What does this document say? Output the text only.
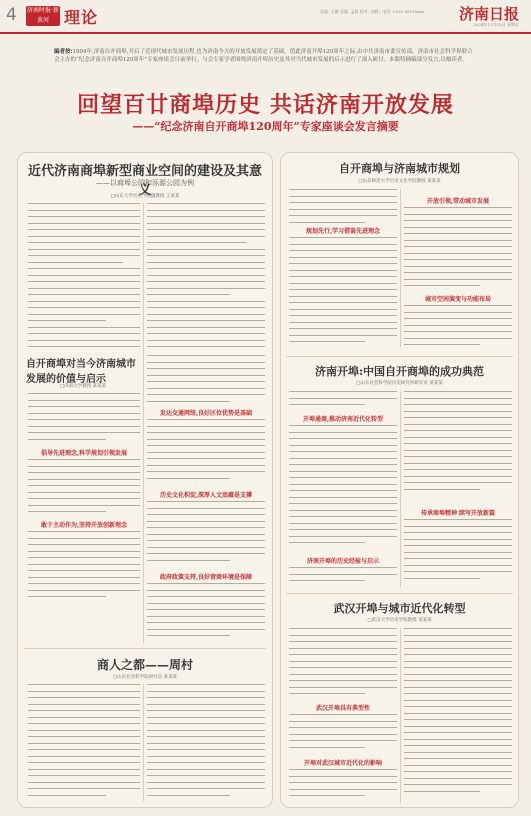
4 济南时报·新黄河 理论	责编: 王鹏 美编: 孟晨 校对: 刘静 / 电话: 0531-85193xxx	济南日报
2024年11月15日 星期五
编者按:1904年,济南自开商埠,开启了近现代城市发展历程,也为济南今天的开放发展奠定了基础。值此济南开埠120周年之际,由中共济南市委宣传部、济南市社会科学界联合会主办的“纪念济南自开商埠120周年”专家座谈会日前举行。与会专家学者围绕济南开埠历史及其对当代城市发展的启示进行了深入研讨。本版特摘编部分发言,以飨读者。
回望百廿商埠历史 共话济南开放发展
——“纪念济南自开商埠120周年”专家座谈会发言摘要
近代济南商埠新型商业空间的建设及其意义
——以商埠公园和泺源公园为例
□山东大学历史学院副教授 王某某
自开商埠对当今济南城市发展的价值与启示
□济南大学教授 某某某
倡导先进理念,科学规划引领发展
敢于主动作为,坚持开放创新理念
发达交通网络,良好区位优势是基础
历史文化积淀,深厚人文底蕴是支撑
政府政策支持,良好营商环境是保障
商人之都——周村
□山东社会科学院研究员 某某某
自开商埠与济南城市规划
□山东师范大学历史文化学院教授 某某某
规划先行,学习借鉴先进理念
开放引领,带动城市发展
城市空间演变与功能布局
济南开埠:中国自开商埠的成功典范
□山东社会科学院历史研究所研究员 某某某
开埠通商,推动济南近代化转型
济南开埠的历史经验与启示
传承商埠精神 续写开放新篇
武汉开埠与城市近代化转型
□武汉大学历史学院教授 某某某
武汉开埠具有典型性
开埠对武汉城市近代化的影响
